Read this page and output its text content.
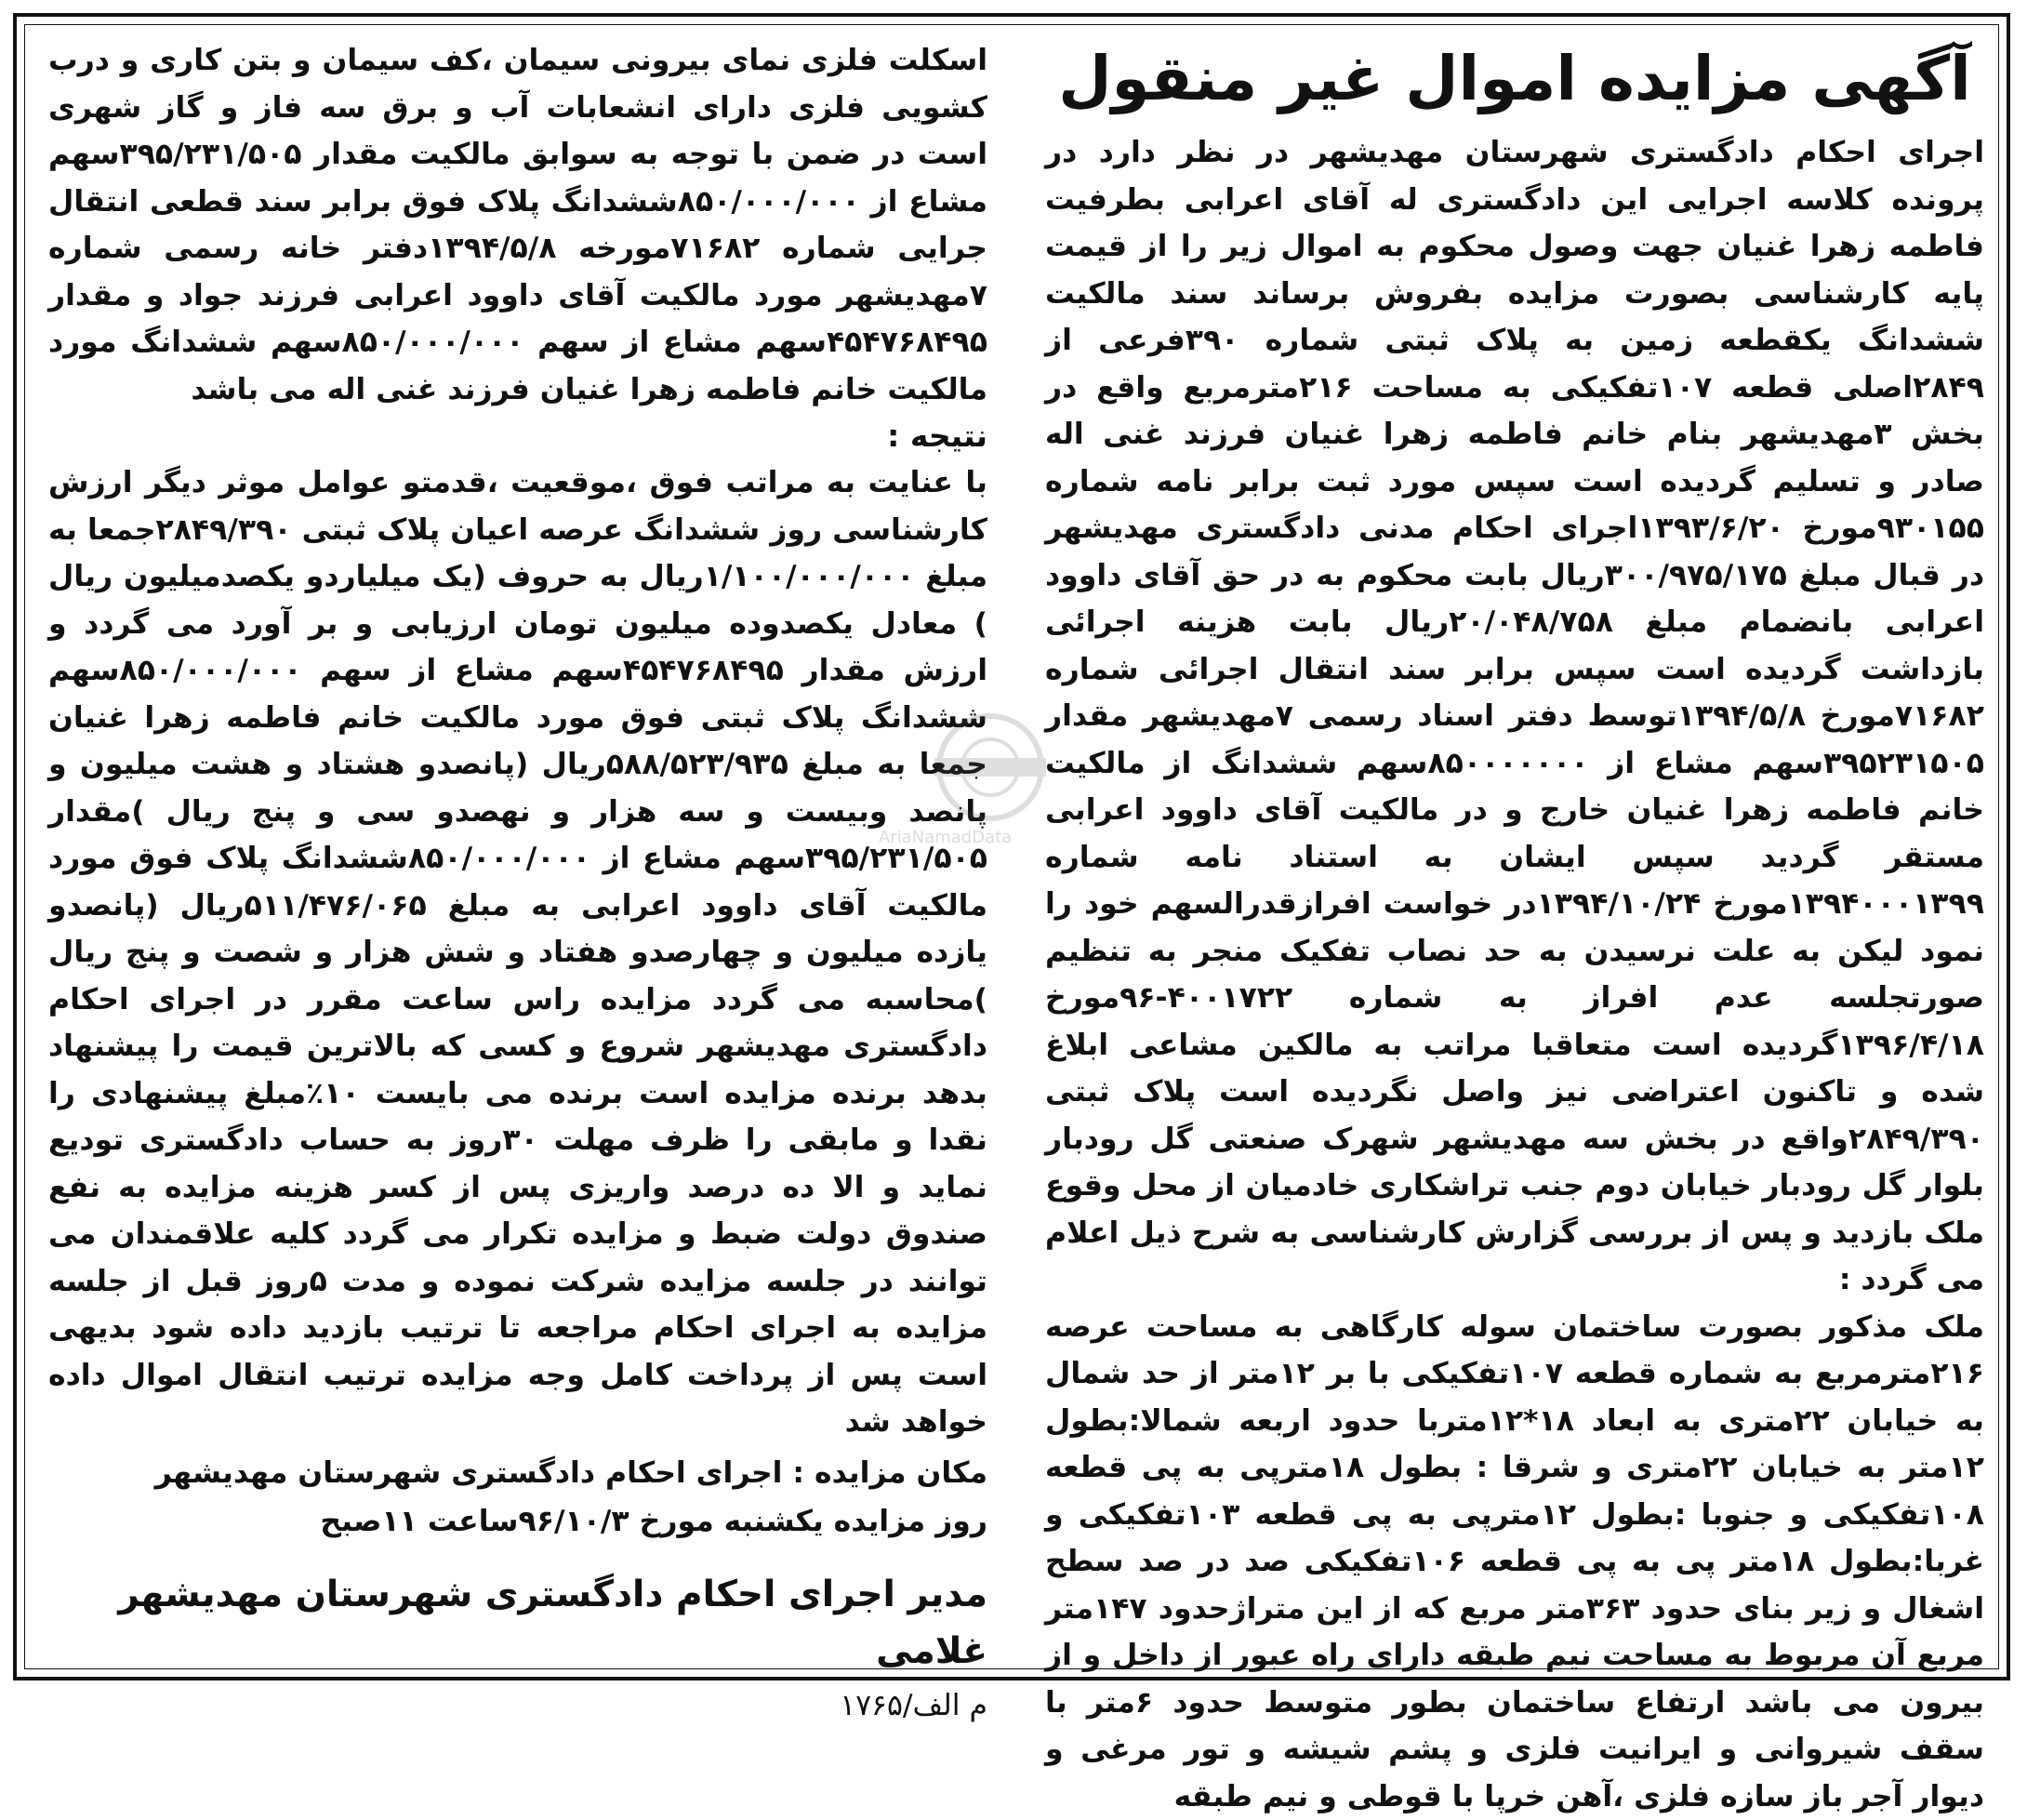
آگهی مزایده اموال غیر منقول

اجرای احکام دادگستری شهرستان مهدیشهر در نظر دارد در پرونده کلاسه اجرایی این دادگستری له آقای اعرابی بطرفیت فاطمه زهرا غنیان جهت وصول محکوم به اموال زیر را از قیمت پایه کارشناسی بصورت مزایده بفروش برساند سند مالکیت ششدانگ یکقطعه زمین به پلاک ثبتی شماره ۳۹۰فرعی از ۲۸۴۹اصلی قطعه ۱۰۷تفکیکی به مساحت ۲۱۶مترمربع واقع در بخش ۳مهدیشهر بنام خانم فاطمه زهرا غنیان فرزند غنی اله صادر و تسلیم گردیده است سپس مورد ثبت برابر نامه شماره ۹۳۰۱۵۵مورخ ۱۳۹۳/۶/۲۰اجرای احکام مدنی دادگستری مهدیشهر در قبال مبلغ ۳۰۰/۹۷۵/۱۷۵ریال بابت محکوم به در حق آقای داوود اعرابی بانضمام مبلغ ۲۰/۰۴۸/۷۵۸ریال بابت هزینه اجرائی بازداشت گردیده است سپس برابر سند انتقال اجرائی شماره ۷۱۶۸۲مورخ ۱۳۹۴/۵/۸توسط دفتر اسناد رسمی ۷مهدیشهر مقدار ۳۹۵۲۳۱۵۰۵سهم مشاع از ۸۵۰۰۰۰۰۰۰سهم ششدانگ از مالکیت خانم فاطمه زهرا غنیان خارج و در مالکیت آقای داوود اعرابی مستقر گردید سپس ایشان به استناد نامه شماره ۱۳۹۴۰۰۰۱۳۹۹مورخ ۱۳۹۴/۱۰/۲۴در خواست افرازقدرالسهم خود را نمود لیکن به علت نرسیدن به حد نصاب تفکیک منجر به تنظیم صورتجلسه عدم افراز به شماره ۴۰۰۱۷۲۲-۹۶مورخ ۱۳۹۶/۴/۱۸گردیده است متعاقبا مراتب به مالکین مشاعی ابلاغ شده و تاکنون اعتراضی نیز واصل نگردیده است پلاک ثبتی ۲۸۴۹/۳۹۰واقع در بخش سه مهدیشهر شهرک صنعتی گل رودبار بلوار گل رودبار خیابان دوم جنب تراشکاری خادمیان از محل وقوع ملک بازدید و پس از بررسی گزارش کارشناسی به شرح ذیل اعلام می گردد :

ملک مذکور بصورت ساختمان سوله کارگاهی به مساحت عرصه ۲۱۶مترمربع به شماره قطعه ۱۰۷تفکیکی با بر ۱۲متر از حد شمال به خیابان ۲۲متری به ابعاد ۱۸*۱۲متربا حدود اربعه شمالا:بطول ۱۲متر به خیابان ۲۲متری و شرقا : بطول ۱۸مترپی به پی قطعه ۱۰۸تفکیکی و جنوبا :بطول ۱۲مترپی به پی قطعه ۱۰۳تفکیکی و غربا:بطول ۱۸متر پی به پی قطعه ۱۰۶تفکیکی صد در صد سطح اشغال و زیر بنای حدود ۳۶۳متر مربع که از این متراژحدود ۱۴۷متر مربع آن مربوط به مساحت نیم طبقه دارای راه عبور از داخل و از بیرون می باشد ارتفاع ساختمان بطور متوسط حدود ۶متر با سقف شیروانی و ایرانیت فلزی و پشم شیشه و تور مرغی و دیوار آجر باز سازه فلزی ،آهن خرپا با قوطی و نیم طبقه

اسکلت فلزی نمای بیرونی سیمان ،کف سیمان و بتن کاری و درب کشویی فلزی دارای انشعابات آب و برق سه فاز و گاز شهری است در ضمن با توجه به سوابق مالکیت مقدار ۳۹۵/۲۳۱/۵۰۵سهم مشاع از ۸۵۰/۰۰۰/۰۰۰ششدانگ پلاک فوق برابر سند قطعی انتقال جرایی شماره ۷۱۶۸۲مورخه ۱۳۹۴/۵/۸دفتر خانه رسمی شماره ۷مهدیشهر مورد مالکیت آقای داوود اعرابی فرزند جواد و مقدار ۴۵۴۷۶۸۴۹۵سهم مشاع از سهم ۸۵۰/۰۰۰/۰۰۰سهم ششدانگ مورد مالکیت خانم فاطمه زهرا غنیان فرزند غنی اله می باشد

نتیجه :

با عنایت به مراتب فوق ،موقعیت ،قدمتو عوامل موثر دیگر ارزش کارشناسی روز ششدانگ عرصه اعیان پلاک ثبتی ۲۸۴۹/۳۹۰جمعا به مبلغ ۱/۱۰۰/۰۰۰/۰۰۰ریال به حروف (یک میلیاردو یکصدمیلیون ریال ) معادل یکصدوده میلیون تومان ارزیابی و بر آورد می گردد و ارزش مقدار ۴۵۴۷۶۸۴۹۵سهم مشاع از سهم ۸۵۰/۰۰۰/۰۰۰سهم ششدانگ پلاک ثبتی فوق مورد مالکیت خانم فاطمه زهرا غنیان جمعا به مبلغ ۵۸۸/۵۲۳/۹۳۵ریال (پانصدو هشتاد و هشت میلیون و پانصد وبیست و سه هزار و نهصدو سی و پنج ریال )مقدار ۳۹۵/۲۳۱/۵۰۵سهم مشاع از ۸۵۰/۰۰۰/۰۰۰ششدانگ پلاک فوق مورد مالکیت آقای داوود اعرابی به مبلغ ۵۱۱/۴۷۶/۰۶۵ریال (پانصدو یازده میلیون و چهارصدو هفتاد و شش هزار و شصت و پنج ریال )محاسبه می گردد مزایده راس ساعت مقرر در اجرای احکام دادگستری مهدیشهر شروع و کسی که بالاترین قیمت را پیشنهاد بدهد برنده مزایده است برنده می بایست ۱۰٪مبلغ پیشنهادی را نقدا و مابقی را ظرف مهلت ۳۰روز به حساب دادگستری تودیع نماید و الا ده درصد واریزی پس از کسر هزینه مزایده به نفع صندوق دولت ضبط و مزایده تکرار می گردد کلیه علاقمندان می توانند در جلسه مزایده شرکت نموده و مدت ۵روز قبل از جلسه مزایده به اجرای احکام مراجعه تا ترتیب بازدید داده شود بدیهی است پس از پرداخت کامل وجه مزایده ترتیب انتقال اموال داده خواهد شد

مکان مزایده : اجرای احکام دادگستری شهرستان مهدیشهر

روز مزایده یکشنبه مورخ ۹۶/۱۰/۳ساعت ۱۱صبح

مدیر اجرای احکام دادگستری شهرستان مهدیشهر

غلامی

م الف/۱۷۶۵

AriaNamadData
